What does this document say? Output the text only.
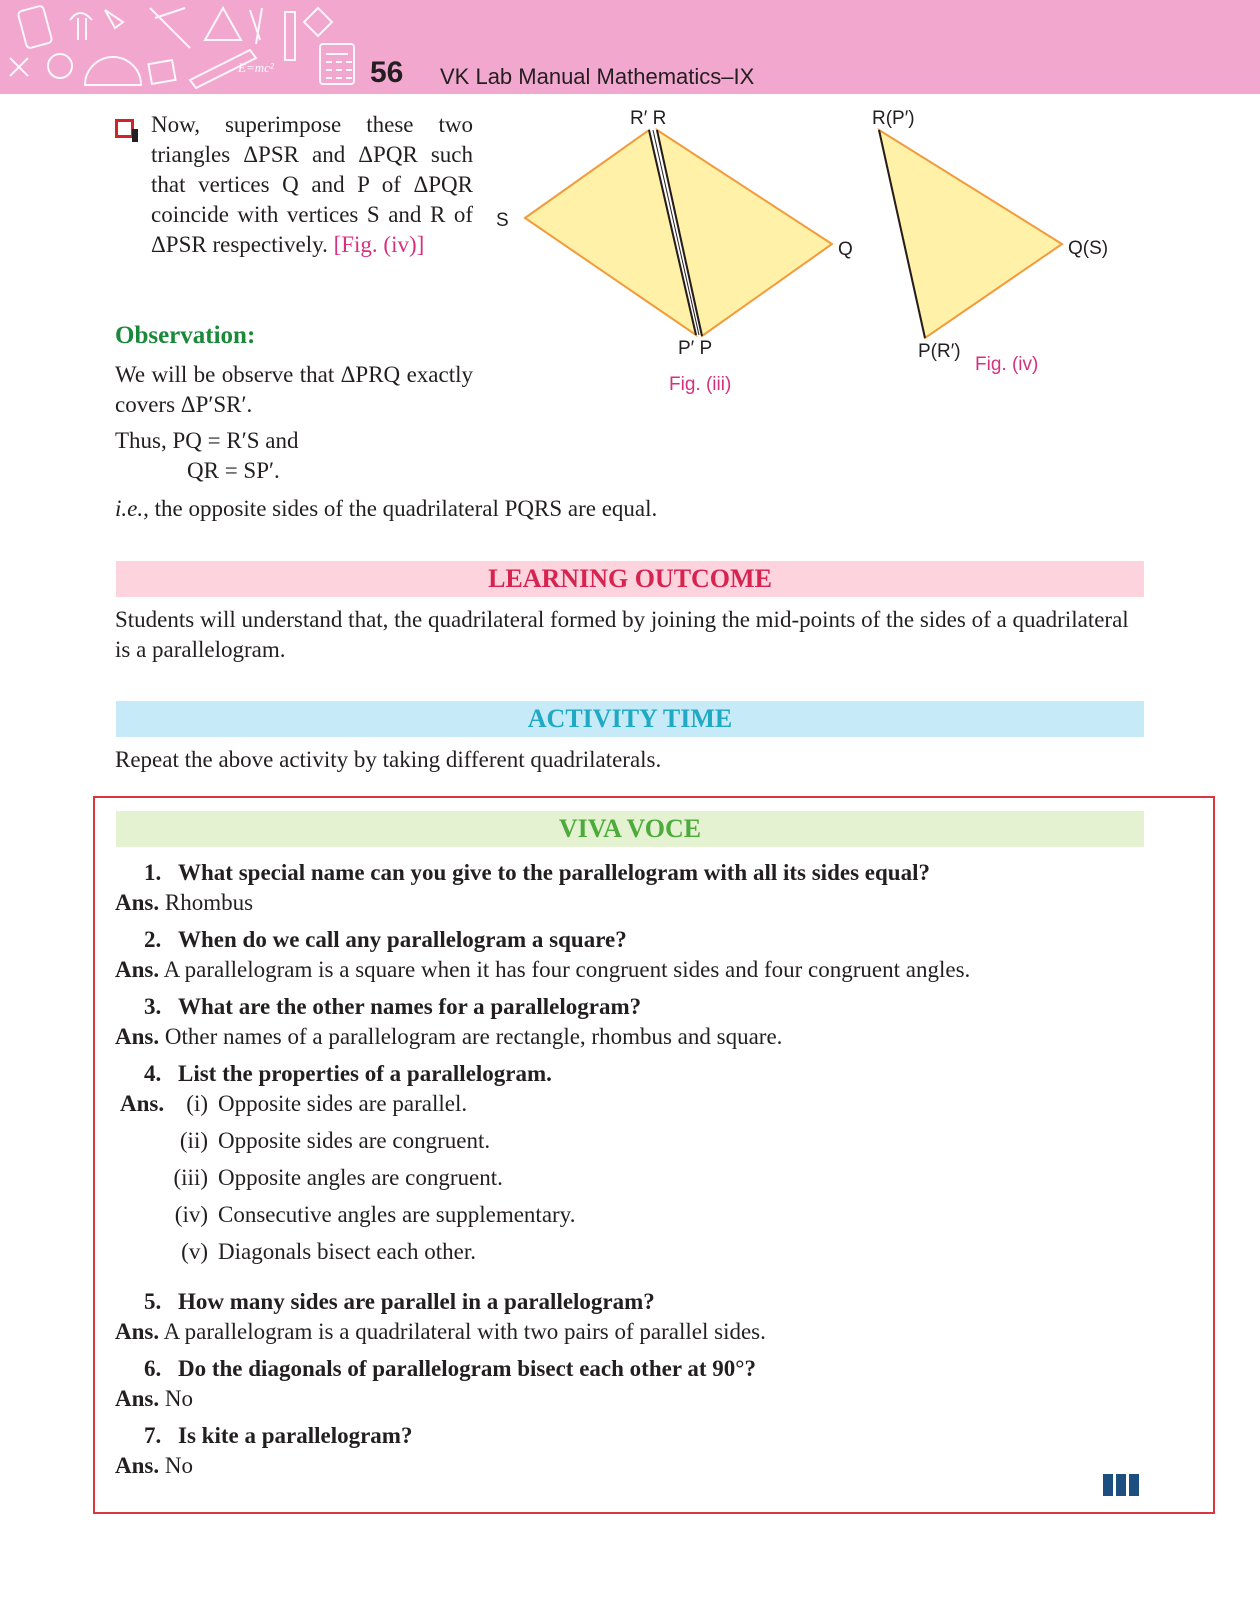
E=mc²	56 VK Lab Manual Mathematics–IX
Now, superimpose these two triangles ΔPSR and ΔPQR such that vertices Q and P of ΔPQR coincide with vertices S and R of ΔPSR respectively. [Fig. (iv)]
Observation:
We will be observe that ΔPRQ exactly covers ΔP′SR′.
Thus, PQ = R′S and
QR = SP′.
i.e., the opposite sides of the quadrilateral PQRS are equal.
R′ R
S
Q
P′ P
Fig. (iii)
R(P′)
Q(S)
P(R′)
Fig. (iv)
LEARNING OUTCOME
Students will understand that, the quadrilateral formed by joining the mid-points of the sides of a quadrilateral is a parallelogram.
ACTIVITY TIME
Repeat the above activity by taking different quadrilaterals.
VIVA VOCE
1. What special name can you give to the parallelogram with all its sides equal?
Ans. Rhombus
2. When do we call any parallelogram a square?
Ans. A parallelogram is a square when it has four congruent sides and four congruent angles.
3. What are the other names for a parallelogram?
Ans. Other names of a parallelogram are rectangle, rhombus and square.
4. List the properties of a parallelogram.
Ans. (i) Opposite sides are parallel.
(ii) Opposite sides are congruent.
(iii) Opposite angles are congruent.
(iv) Consecutive angles are supplementary.
(v) Diagonals bisect each other.
5. How many sides are parallel in a parallelogram?
Ans. A parallelogram is a quadrilateral with two pairs of parallel sides.
6. Do the diagonals of parallelogram bisect each other at 90°?
Ans. No
7. Is kite a parallelogram?
Ans. No
